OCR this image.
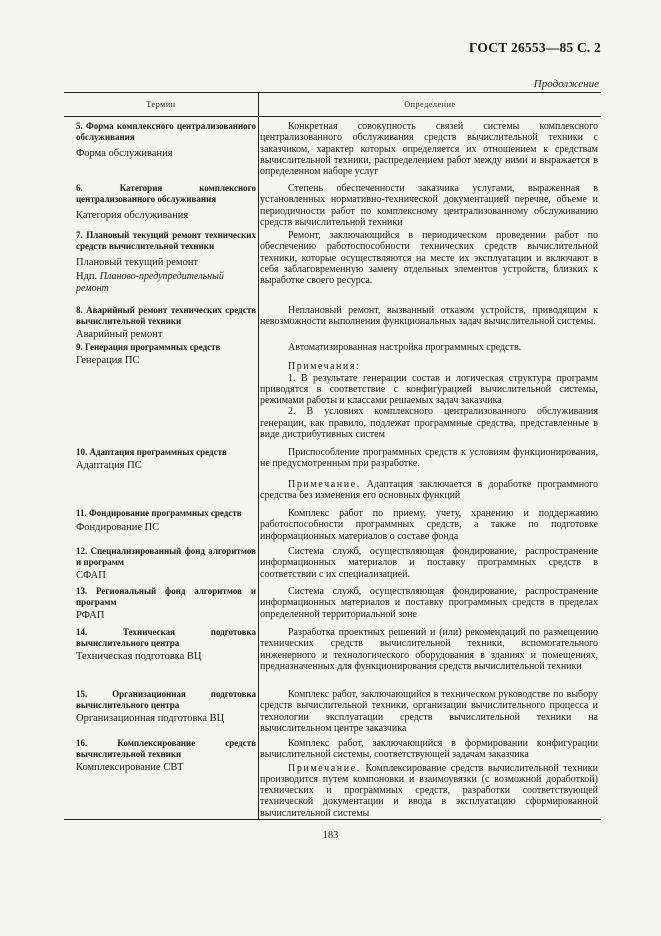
ГОСТ 26553—85 С. 2
Продолжение
Термин	Определение
5. Форма комплексного централизованного обслуживания
Форма обслуживания

Конкретная совокупность связей системы комплексного централизованного обслуживания средств вычислительной техники с заказчиком, характер которых определяется их отношением к средствам вычислительной техники, распределением работ между ними и выражается в определенном наборе услуг

6. Категория комплексного централизованного обслуживания
Категория обслуживания

Степень обеспеченности заказчика услугами, выраженная в установленных нормативно-технической документацией перечне, объеме и периодичности работ по комплексному централизованному обслуживанию средств вычислительной техники

7. Плановый текущий ремонт технических средств вычислительной техники
Плановый текущий ремонт
Ндп. Планово-предупредительный ремонт

Ремонт, заключающийся в периодическом проведении работ по обеспечению работоспособности технических средств вычислительной техники, которые осуществляются на месте их эксплуатации и включают в себя заблаговременную замену отдельных элементов устройств, близких к выработке своего ресурса.

8. Аварийный ремонт технических средств вычислительной техники
Аварийный ремонт

Неплановый ремонт, вызванный отказом устройств, приводящим к невозможности выполнения функциональных задач вычислительной системы.

9. Генерация программных средств
Генерация ПС

Автоматизированная настройка программных средств.

Примечания:

1. В результате генерации состав и логическая структура программ приводятся в соответствие с конфигурацией вычислительной системы, режимами работы и классами решаемых задач заказчика

2. В условиях комплексного централизованного обслуживания генерации, как правило, подлежат программные средства, представленные в виде дистрибутивных систем

10. Адаптация программных средств
Адаптация ПС

Приспособление программных средств к условиям функционирования, не предусмотренным при разработке.

Примечание. Адаптация заключается в доработке программного средства без изменения его основных функций

11. Фондирование программных средств
Фондирование ПС

Комплекс работ по приему, учету, хранению и поддержанию работоспособности программных средств, а также по подготовке информационных материалов о составе фонда

12. Специализированный фонд алгоритмов и программ
СФАП

Система служб, осуществляющая фондирование, распространение информационных материалов и поставку программных средств в соответствии с их специализацией.

13. Региональный фонд алгоритмов и программ
РФАП

Система служб, осуществляющая фондирование, распространение информационных материалов и поставку программных средств в пределах определенной территориальной зоне

14. Техническая подготовка вычислительного центра
Техническая подготовка ВЦ

Разработка проектных решений и (или) рекомендаций по размещению технических средств вычислительной техники, вспомогательного инженерного и технологического оборудования в зданиях и помещениях, предназначенных для функционирования средств вычислительной техники

15. Организационная подготовка вычислительного центра
Организационная подготовка ВЦ

Комплекс работ, заключающийся в техническом руководстве по выбору средств вычислительной техники, организации вычислительного процесса и технологии эксплуатации средств вычислительной техники на вычислительном центре заказчика

16. Комплексирование средств вычислительной техники
Комплексирование СВТ

Комплекс работ, заключающийся в формировании конфигурации вычислительной системы, соответствующей задачам заказчика

Примечание. Комплексирование средств вычислительной техники производится путем компоновки и взаимоувязки (с возможной доработкой) технических и программных средств, разработки соответствующей технической документации и ввода в эксплуатацию сформированной вычислительной системы

183
